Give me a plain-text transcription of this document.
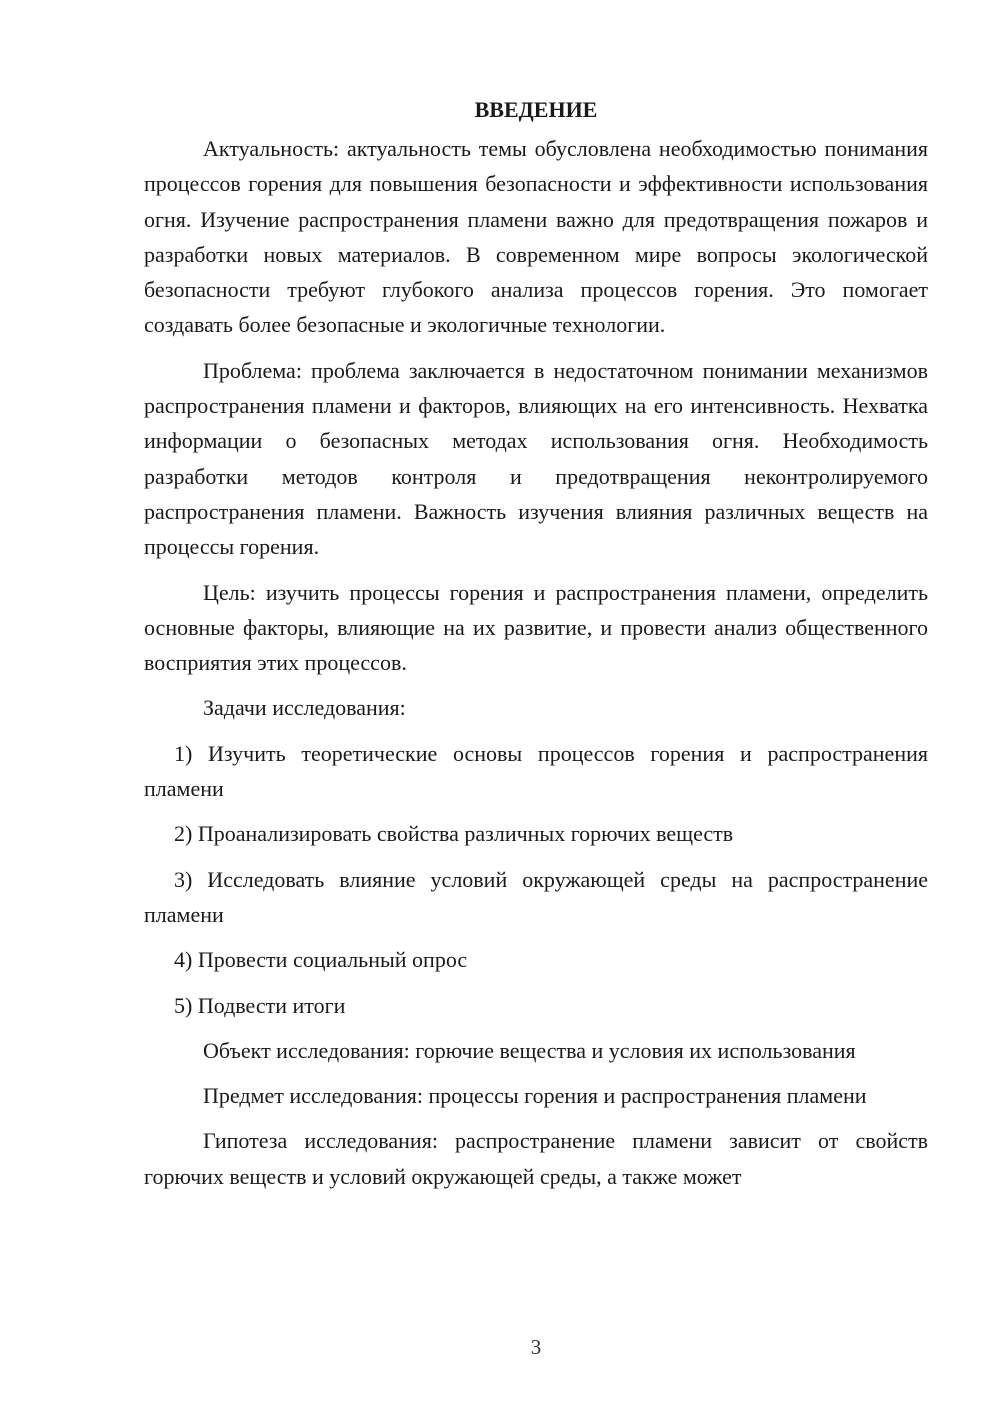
ВВЕДЕНИЕ

Актуальность: актуальность темы обусловлена необходимостью понимания процессов горения для повышения безопасности и эффективности использования огня. Изучение распространения пламени важно для предотвращения пожаров и разработки новых материалов. В современном мире вопросы экологической безопасности требуют глубокого анализа процессов горения. Это помогает создавать более безопасные и экологичные технологии.

Проблема: проблема заключается в недостаточном понимании механизмов распространения пламени и факторов, влияющих на его интенсивность. Нехватка информации о безопасных методах использования огня. Необходимость разработки методов контроля и предотвращения неконтролируемого распространения пламени. Важность изучения влияния различных веществ на процессы горения.

Цель: изучить процессы горения и распространения пламени, определить основные факторы, влияющие на их развитие, и провести анализ общественного восприятия этих процессов.

Задачи исследования:

1) Изучить теоретические основы процессов горения и распространения пламени

2) Проанализировать свойства различных горючих веществ

3) Исследовать влияние условий окружающей среды на распространение пламени

4) Провести социальный опрос

5) Подвести итоги

Объект исследования: горючие вещества и условия их использования

Предмет исследования: процессы горения и распространения пламени

Гипотеза исследования: распространение пламени зависит от свойств горючих веществ и условий окружающей среды, а также может

3
